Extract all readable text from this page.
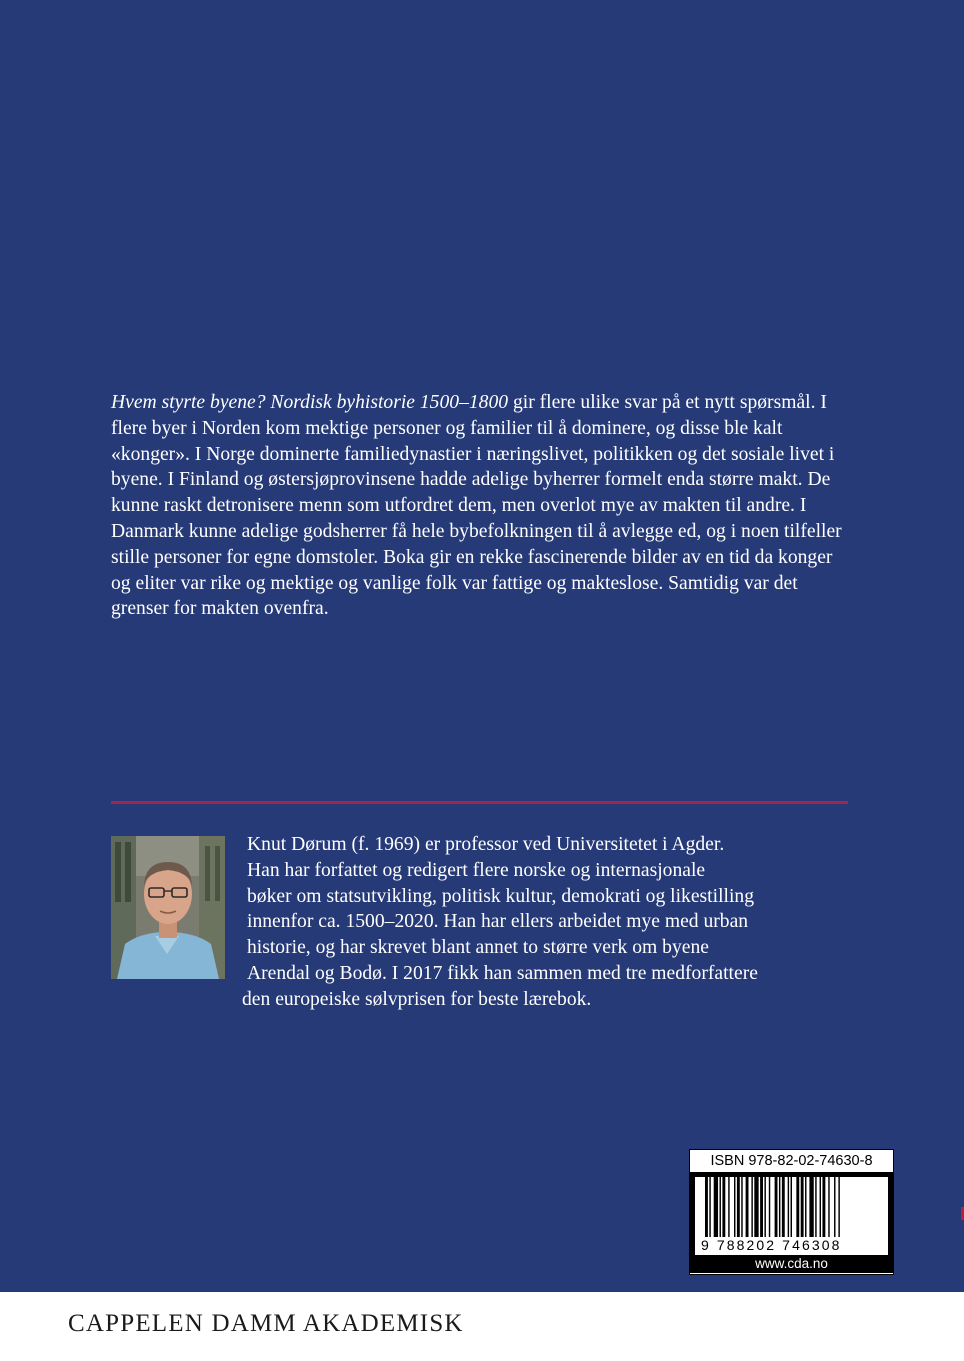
Hvem styrte byene? Nordisk byhistorie 1500–1800 gir flere ulike svar på et nytt spørsmål. I flere byer i Norden kom mektige personer og familier til å dominere, og disse ble kalt «konger». I Norge dominerte familiedynastier i næringslivet, politikken og det sosiale livet i byene. I Finland og østersjøprovinsene hadde adelige byherrer formelt enda større makt. De kunne raskt detronisere menn som utfordret dem, men overlot mye av makten til andre. I Danmark kunne adelige godsherrer få hele bybefolkningen til å avlegge ed, og i noen tilfeller stille personer for egne domstoler. Boka gir en rekke fascinerende bilder av en tid da konger og eliter var rike og mektige og vanlige folk var fattige og makteslose. Samtidig var det grenser for makten ovenfra.

Knut Dørum (f. 1969) er professor ved Universitetet i Agder.
Han har forfattet og redigert flere norske og internasjonale
bøker om statsutvikling, politisk kultur, demokrati og likestilling
innenfor ca. 1500–2020. Han har ellers arbeidet mye med urban
historie, og har skrevet blant annet to større verk om byene
Arendal og Bodø. I 2017 fikk han sammen med tre medforfattere
den europeiske sølvprisen for beste lærebok.
ISBN 978-82-02-74630-8
9 788202 746308
www.cda.no
CAPPELEN DAMM AKADEMISK
